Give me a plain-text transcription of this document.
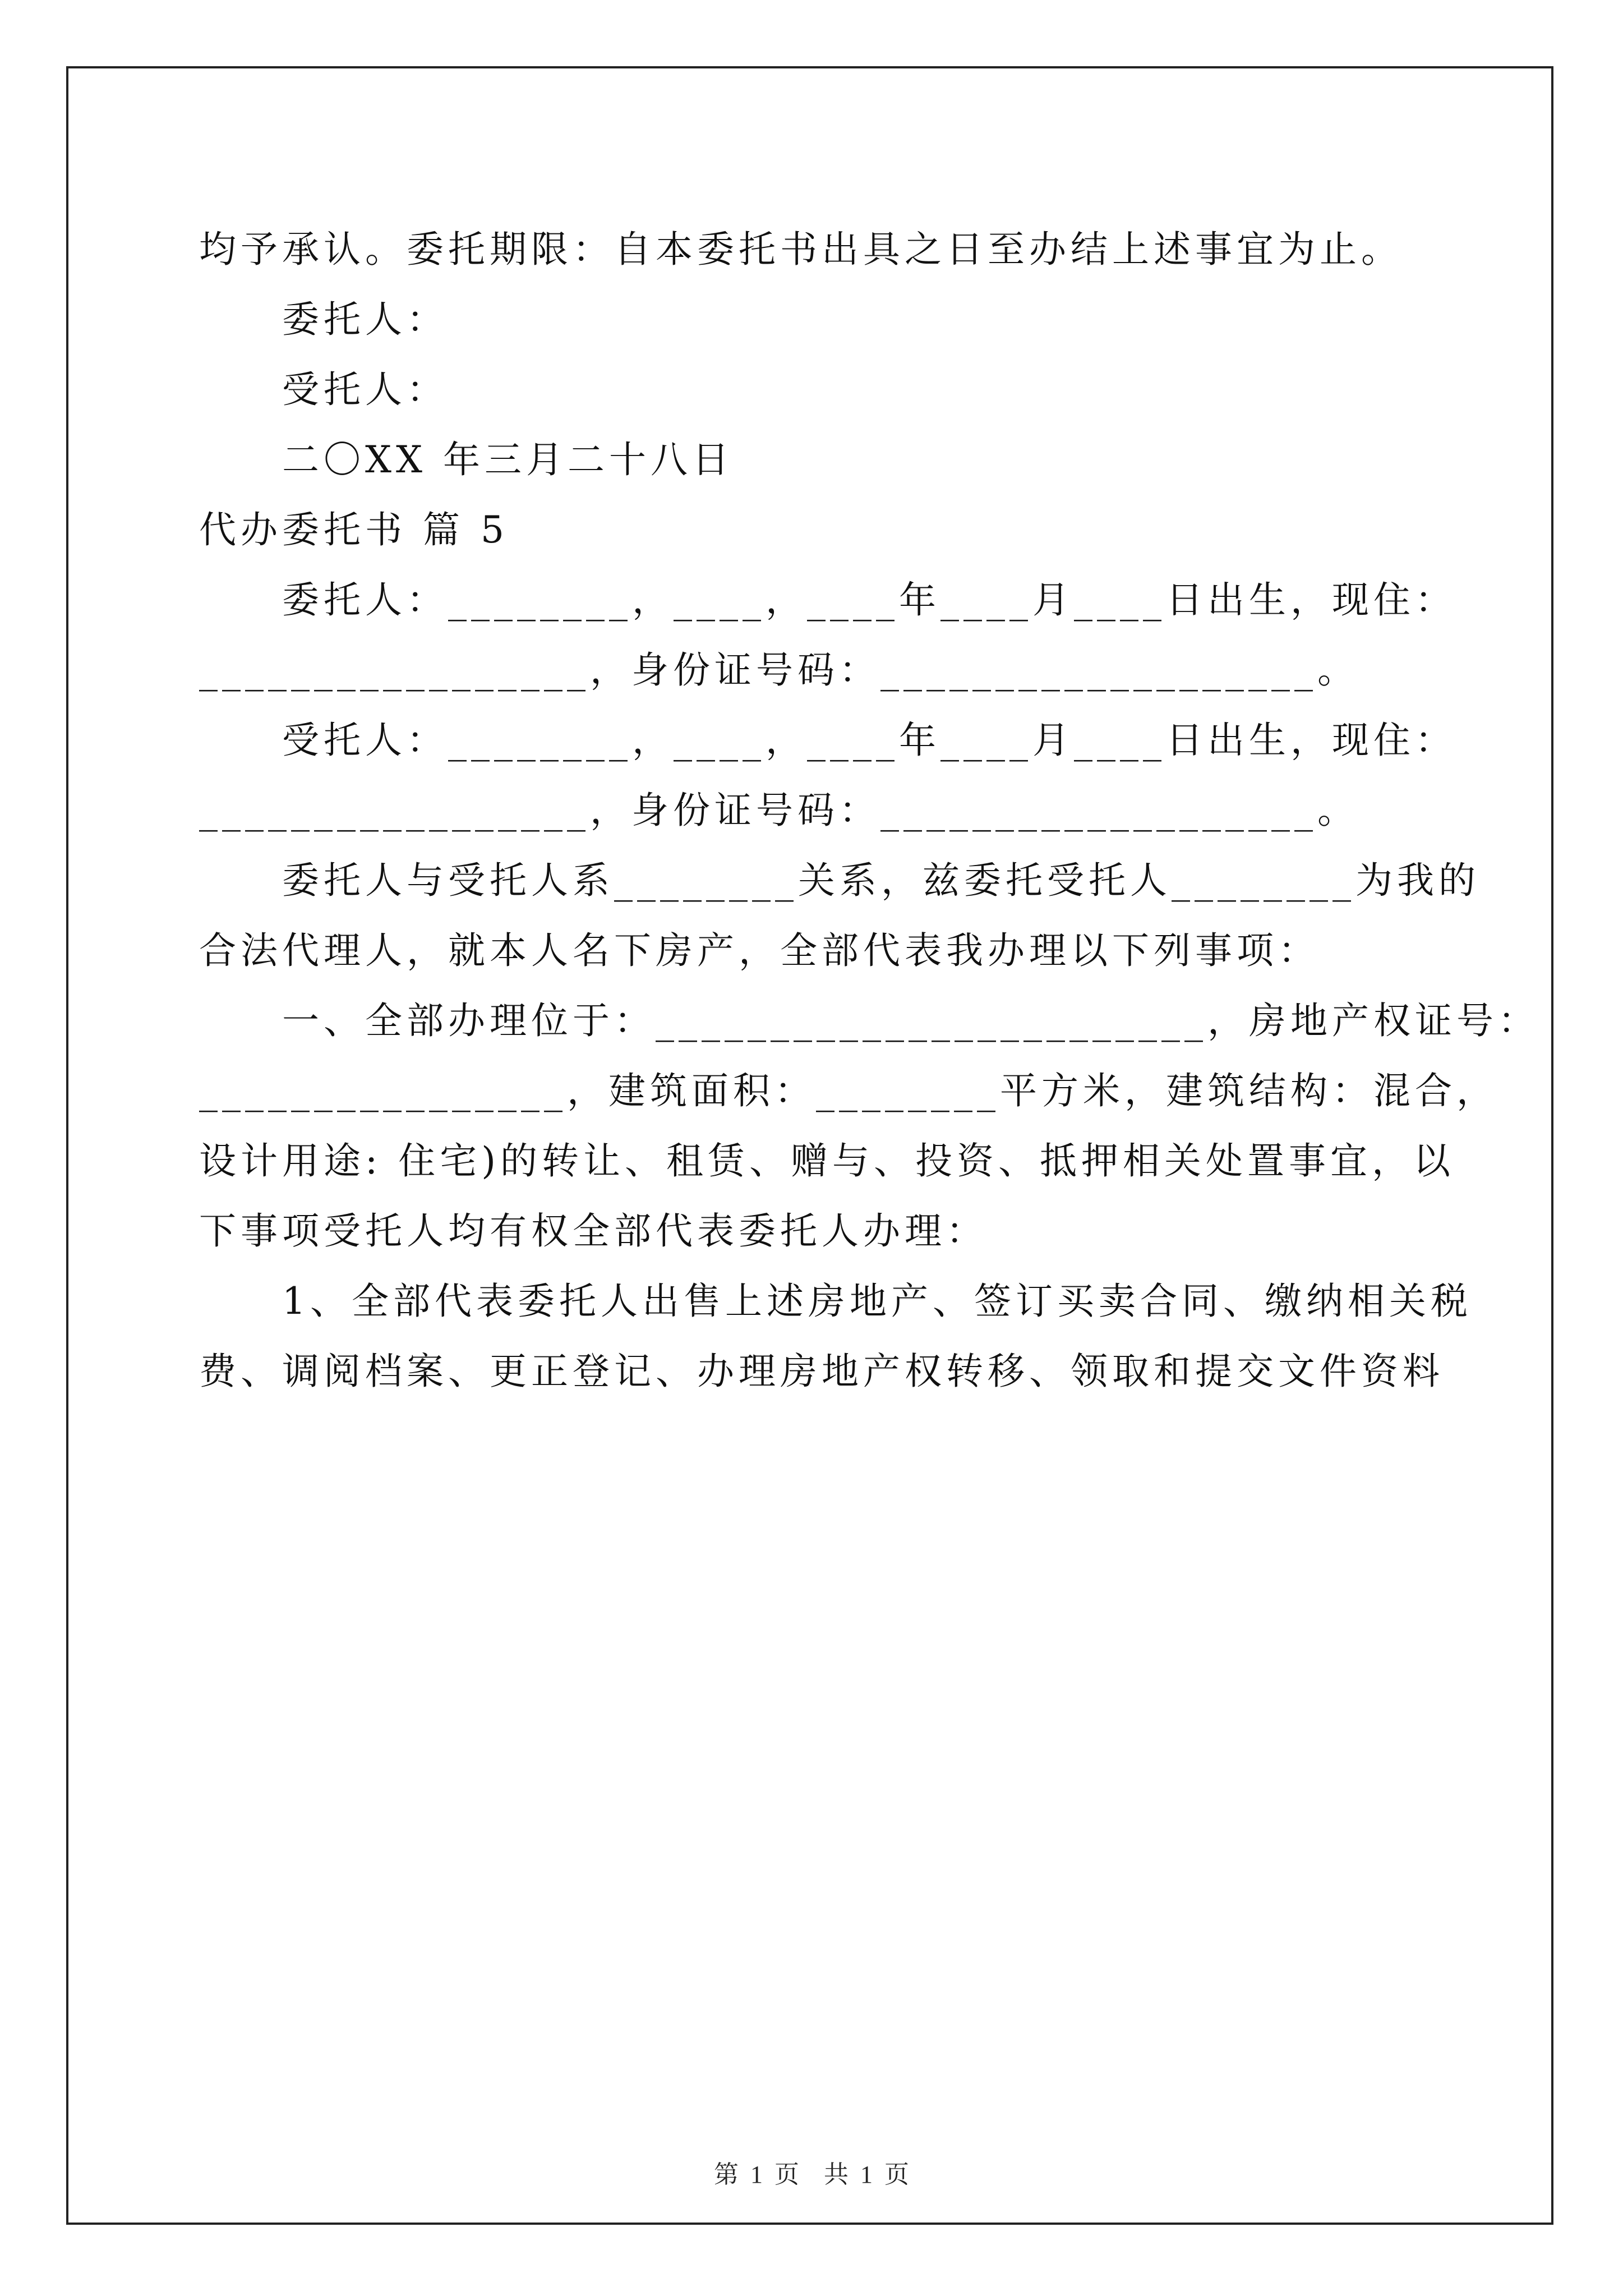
均予承认。委托期限：自本委托书出具之日至办结上述事宜为止。
委托人：
受托人：
二〇XX 年三月二十八日
代办委托书 篇 5
委托人：________，____，____年____月____日出生，现住：
_________________，身份证号码：___________________。
受托人：________，____，____年____月____日出生，现住：
_________________，身份证号码：___________________。
委托人与受托人系________关系，兹委托受托人________为我的
合法代理人，就本人名下房产，全部代表我办理以下列事项：
一、全部办理位于：________________________，房地产权证号：
________________，建筑面积：________平方米，建筑结构：混合，
设计用途: 住宅)的转让、租赁、赠与、投资、抵押相关处置事宜，以
下事项受托人均有权全部代表委托人办理：
1、全部代表委托人出售上述房地产、签订买卖合同、缴纳相关税
费、调阅档案、更正登记、办理房地产权转移、领取和提交文件资料
第 1 页　共 1 页
